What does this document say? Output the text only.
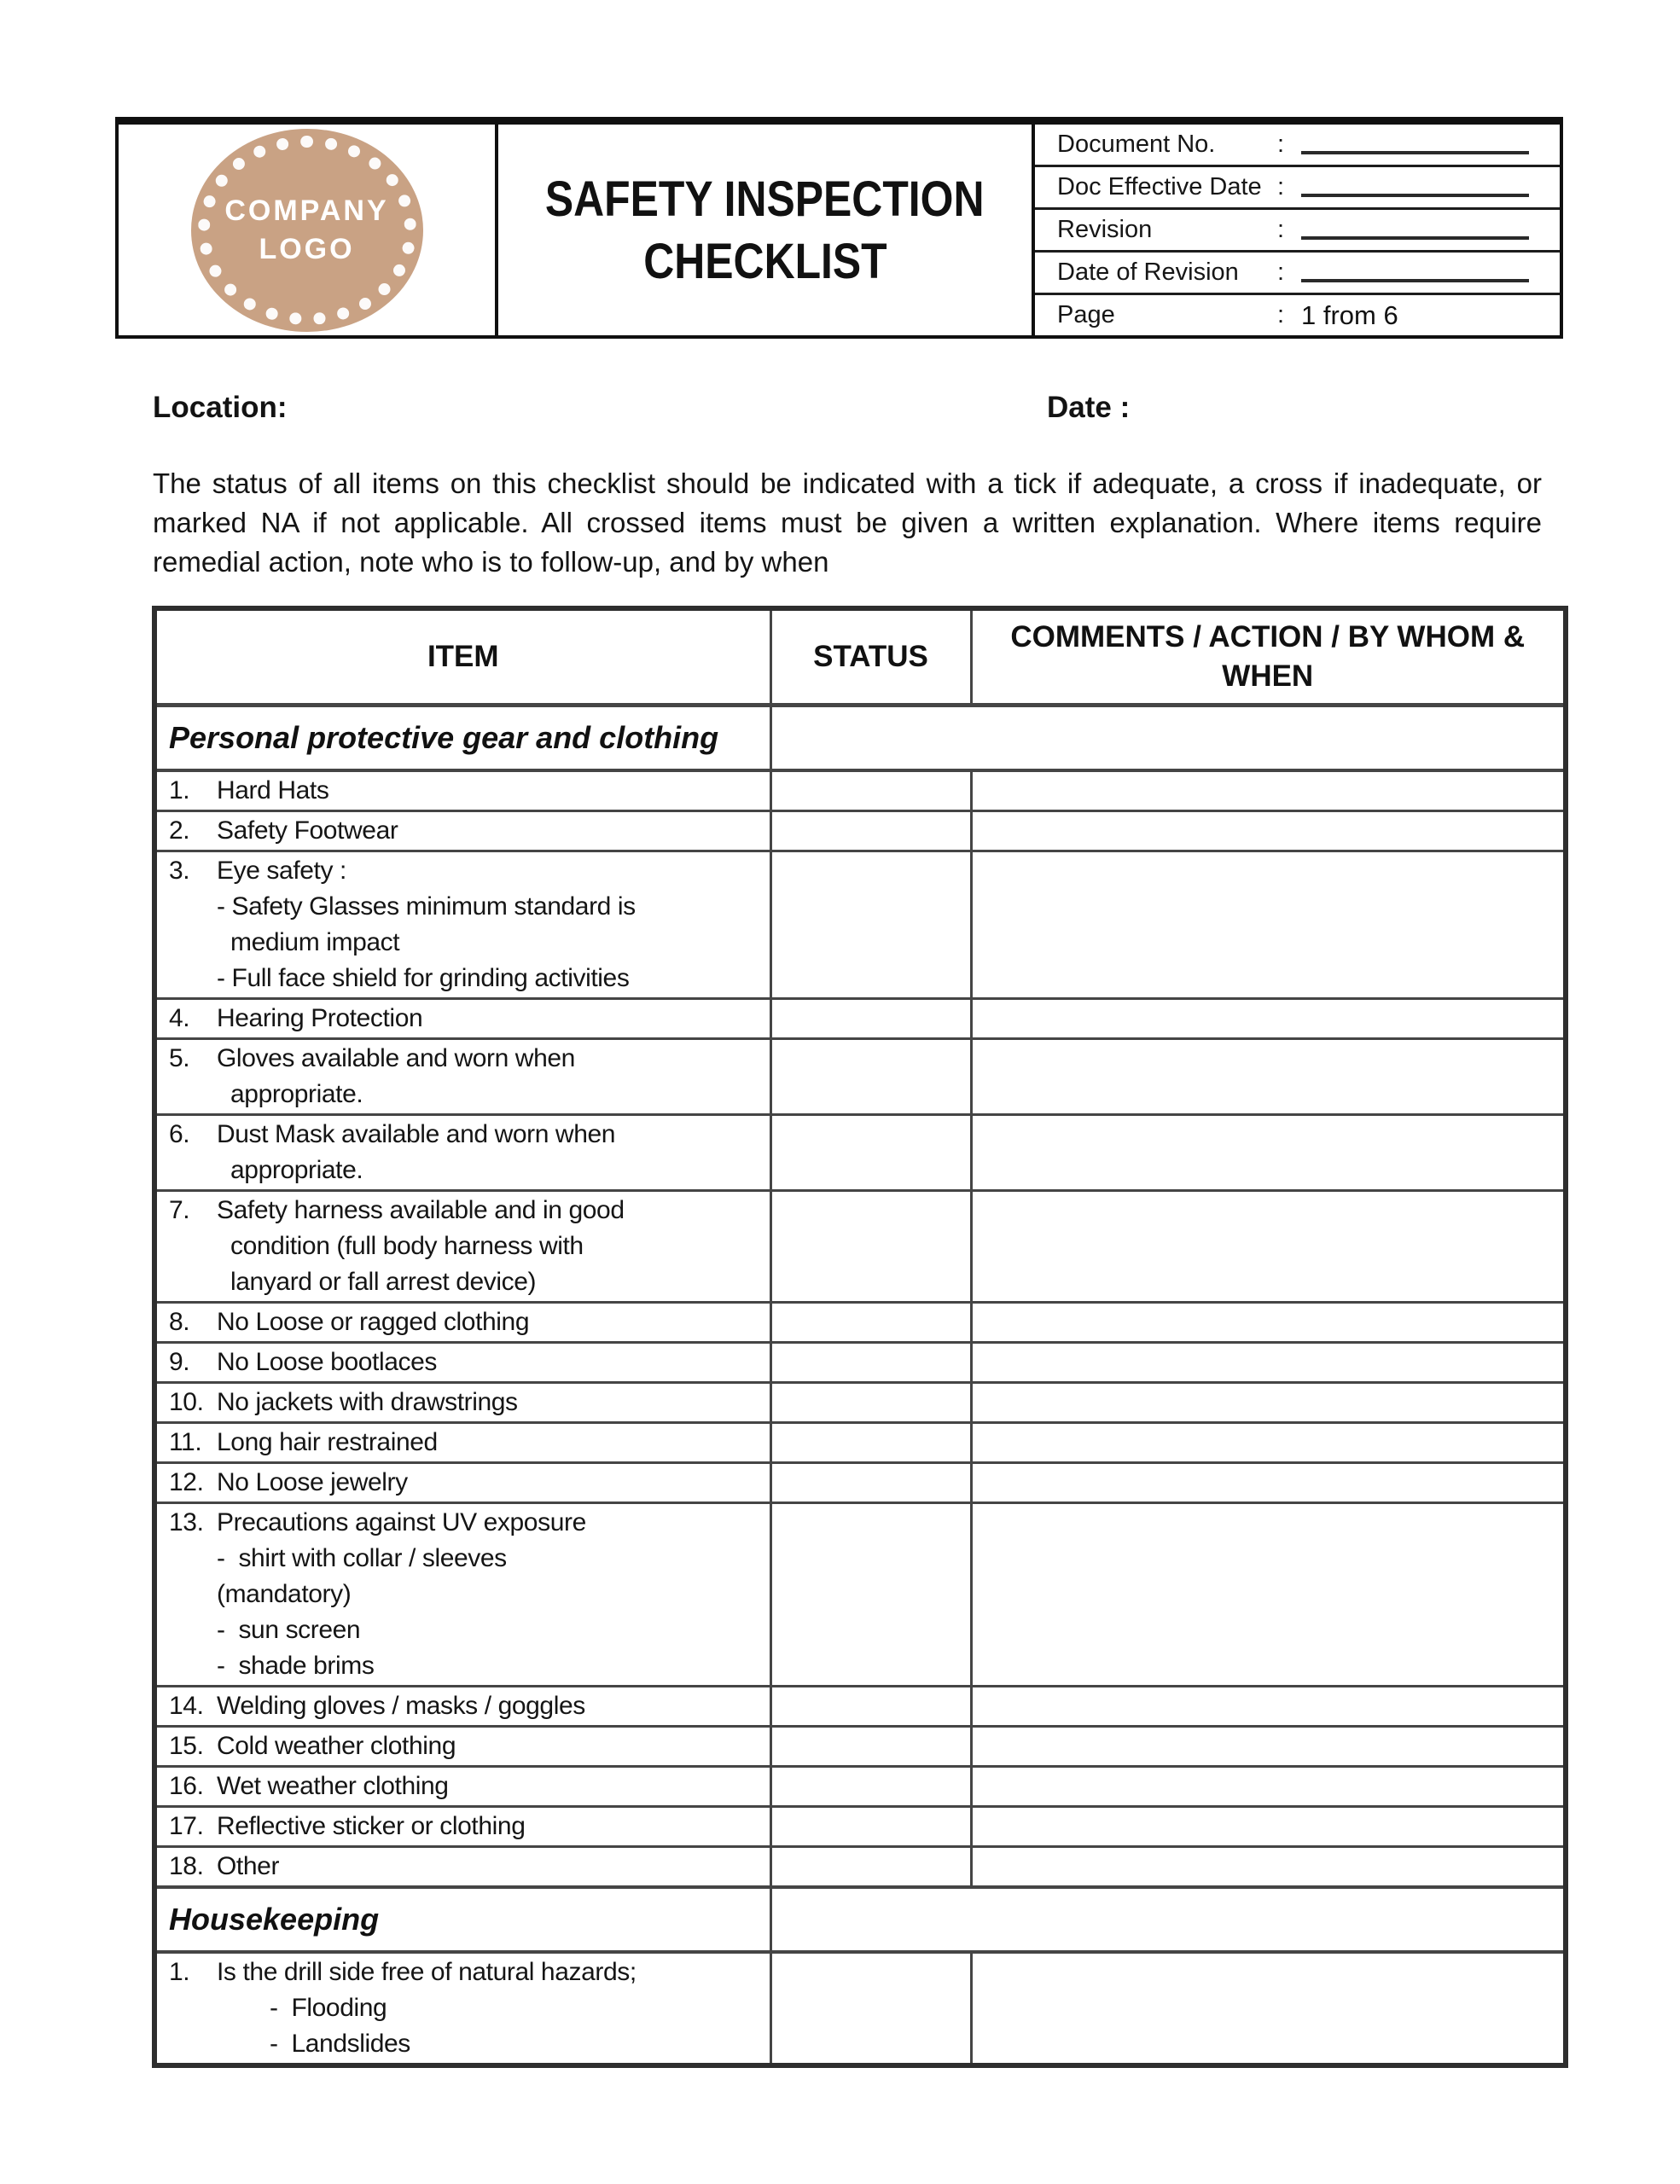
COMPANY
LOGO
SAFETY INSPECTION
CHECKLIST
Document No.	:
Doc Effective Date :
Revision	:
Date of Revision	:
Page	: 1 from 6
Location:	Date :

The status of all items on this checklist should be indicated with a tick if adequate, a cross if inadequate, or marked NA if not applicable. All crossed items must be given a written explanation. Where items require remedial action, note who is to follow-up, and by when

ITEM	STATUS	COMMENTS / ACTION / BY WHOM & WHEN
Personal protective gear and clothing		

1. Hard Hats		

2. Safety Footwear		

3. Eye safety :
- Safety Glasses minimum standard is
medium impact
- Full face shield for grinding activities		

4. Hearing Protection		

5. Gloves available and worn when
appropriate.		

6. Dust Mask available and worn when
appropriate.		

7. Safety harness available and in good
condition (full body harness with
lanyard or fall arrest device)		

8. No Loose or ragged clothing		

9. No Loose bootlaces		

10. No jackets with drawstrings		

11. Long hair restrained		

12. No Loose jewelry		

13. Precautions against UV exposure
-  shirt with collar / sleeves
(mandatory)
-  sun screen
-  shade brims		

14. Welding gloves / masks / goggles		

15. Cold weather clothing		

16. Wet weather clothing		

17. Reflective sticker or clothing		

18. Other		

Housekeeping		

1. Is the drill side free of natural hazards;
-  Flooding
-  Landslides		
